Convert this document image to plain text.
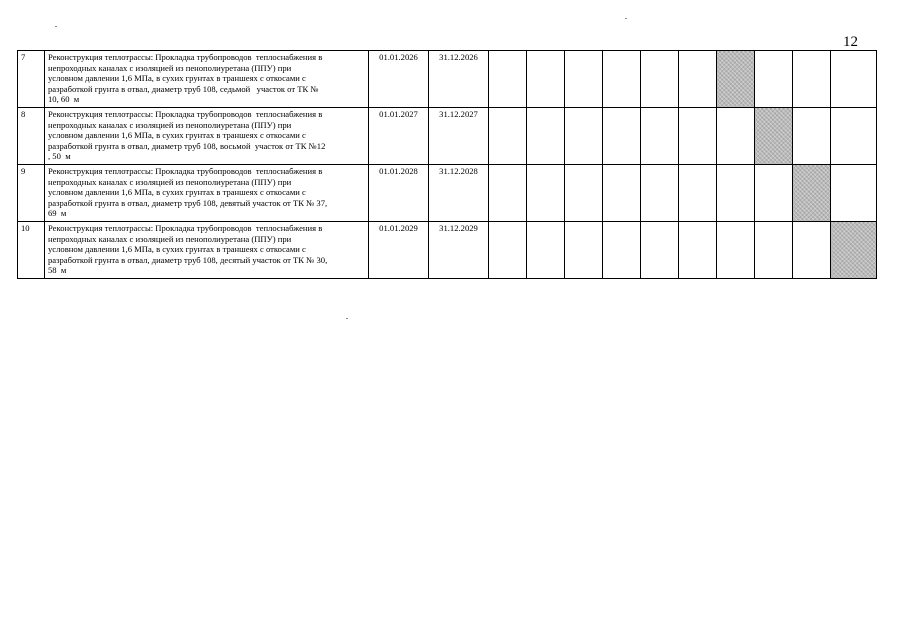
12
7	Реконструкция теплотрассы: Прокладка трубопроводов  теплоснабжения в
непроходных каналах с изоляцией из пенополиуретана (ППУ) при
условном давлении 1,6 МПа, в сухих грунтах в траншеях с откосами с
разработкой грунта в отвал, диаметр труб 108, седьмой   участок от ТК №
10, 60  м	01.01.2026	31.12.2026										
8	Реконструкция теплотрассы: Прокладка трубопроводов  теплоснабжения в
непроходных каналах с изоляцией из пенополиуретана (ППУ) при
условном давлении 1,6 МПа, в сухих грунтах в траншеях с откосами с
разработкой грунта в отвал, диаметр труб 108, восьмой  участок от ТК №12
, 50  м	01.01.2027	31.12.2027										
9	Реконструкция теплотрассы: Прокладка трубопроводов  теплоснабжения в
непроходных каналах с изоляцией из пенополиуретана (ППУ) при
условном давлении 1,6 МПа, в сухих грунтах в траншеях с откосами с
разработкой грунта в отвал, диаметр труб 108, девятый участок от ТК № 37,
69  м	01.01.2028	31.12.2028										
10	Реконструкция теплотрассы: Прокладка трубопроводов  теплоснабжения в
непроходных каналах с изоляцией из пенополиуретана (ППУ) при
условном давлении 1,6 МПа, в сухих грунтах в траншеях с откосами с
разработкой грунта в отвал, диаметр труб 108, десятый участок от ТК № 30,
58  м	01.01.2029	31.12.2029										
